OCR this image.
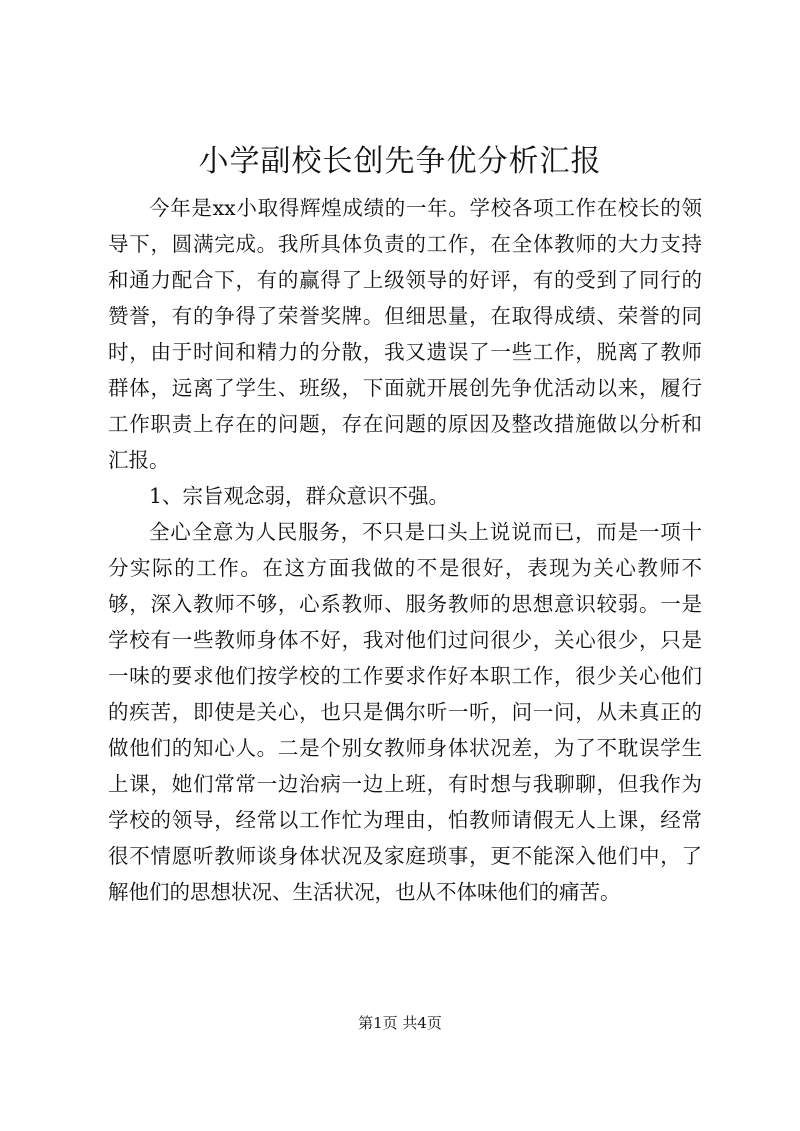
小学副校长创先争优分析汇报

今年是xx小取得辉煌成绩的一年。学校各项工作在校长的领导下，圆满完成。我所具体负责的工作，在全体教师的大力支持和通力配合下，有的赢得了上级领导的好评，有的受到了同行的赞誉，有的争得了荣誉奖牌。但细思量，在取得成绩、荣誉的同时，由于时间和精力的分散，我又遗误了一些工作，脱离了教师群体，远离了学生、班级，下面就开展创先争优活动以来，履行工作职责上存在的问题，存在问题的原因及整改措施做以分析和汇报。

1、宗旨观念弱，群众意识不强。

全心全意为人民服务，不只是口头上说说而已，而是一项十分实际的工作。在这方面我做的不是很好，表现为关心教师不够，深入教师不够，心系教师、服务教师的思想意识较弱。一是学校有一些教师身体不好，我对他们过问很少，关心很少，只是一味的要求他们按学校的工作要求作好本职工作，很少关心他们的疾苦，即使是关心，也只是偶尔听一听，问一问，从未真正的做他们的知心人。二是个别女教师身体状况差，为了不耽误学生上课，她们常常一边治病一边上班，有时想与我聊聊，但我作为学校的领导，经常以工作忙为理由，怕教师请假无人上课，经常很不情愿听教师谈身体状况及家庭琐事，更不能深入他们中，了解他们的思想状况、生活状况，也从不体味他们的痛苦。

第1页 共4页
